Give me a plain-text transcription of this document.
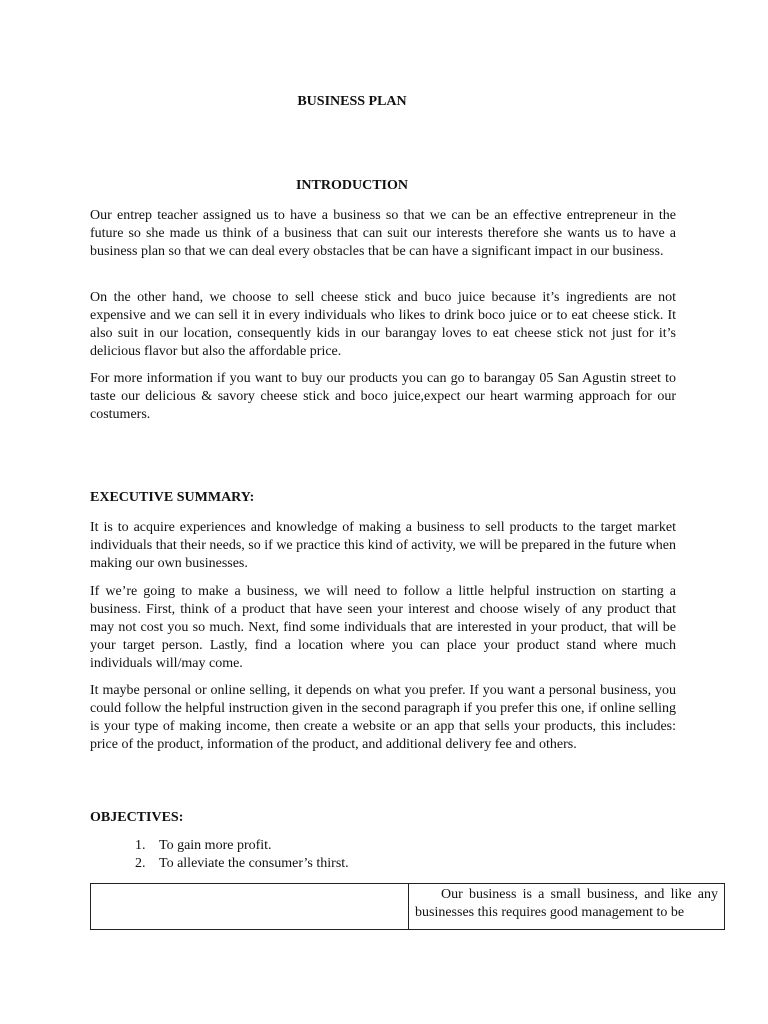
BUSINESS PLAN
INTRODUCTION

Our entrep teacher assigned us to have a business so that we can be an effective entrepreneur in the future so she made us think of a business that can suit our interests therefore she wants us to have a business plan so that we can deal every obstacles that be can have a significant impact in our business.

On the other hand, we choose to sell cheese stick and buco juice because it’s ingredients are not expensive and we can sell it in every individuals who likes to drink boco juice or to eat cheese stick. It also suit in our location, consequently kids in our barangay loves to eat cheese stick not just for it’s delicious flavor but also the affordable price.

For more information if you want to buy our products you can go to barangay 05 San Agustin street to taste our delicious & savory cheese stick and boco juice,expect our heart warming approach for our costumers.

EXECUTIVE SUMMARY:

It is to acquire experiences and knowledge of making a business to sell products to the target market individuals that their needs, so if we practice this kind of activity, we will be prepared in the future when making our own businesses.

If we’re going to make a business, we will need to follow a little helpful instruction on starting a business. First, think of a product that have seen your interest and choose wisely of any product that may not cost you so much. Next, find some individuals that are interested in your product, that will be your target person. Lastly, find a location where you can place your product stand where much individuals will/may come.

It maybe personal or online selling, it depends on what you prefer. If you want a personal business, you could follow the helpful instruction given in the second paragraph if you prefer this one, if online selling is your type of making income, then create a website or an app that sells your products, this includes: price of the product, information of the product, and additional delivery fee and others.

OBJECTIVES:
1. To gain more profit.
2. To alleviate the consumer’s thirst.
Our business is a small business, and like any businesses this requires good management to be
